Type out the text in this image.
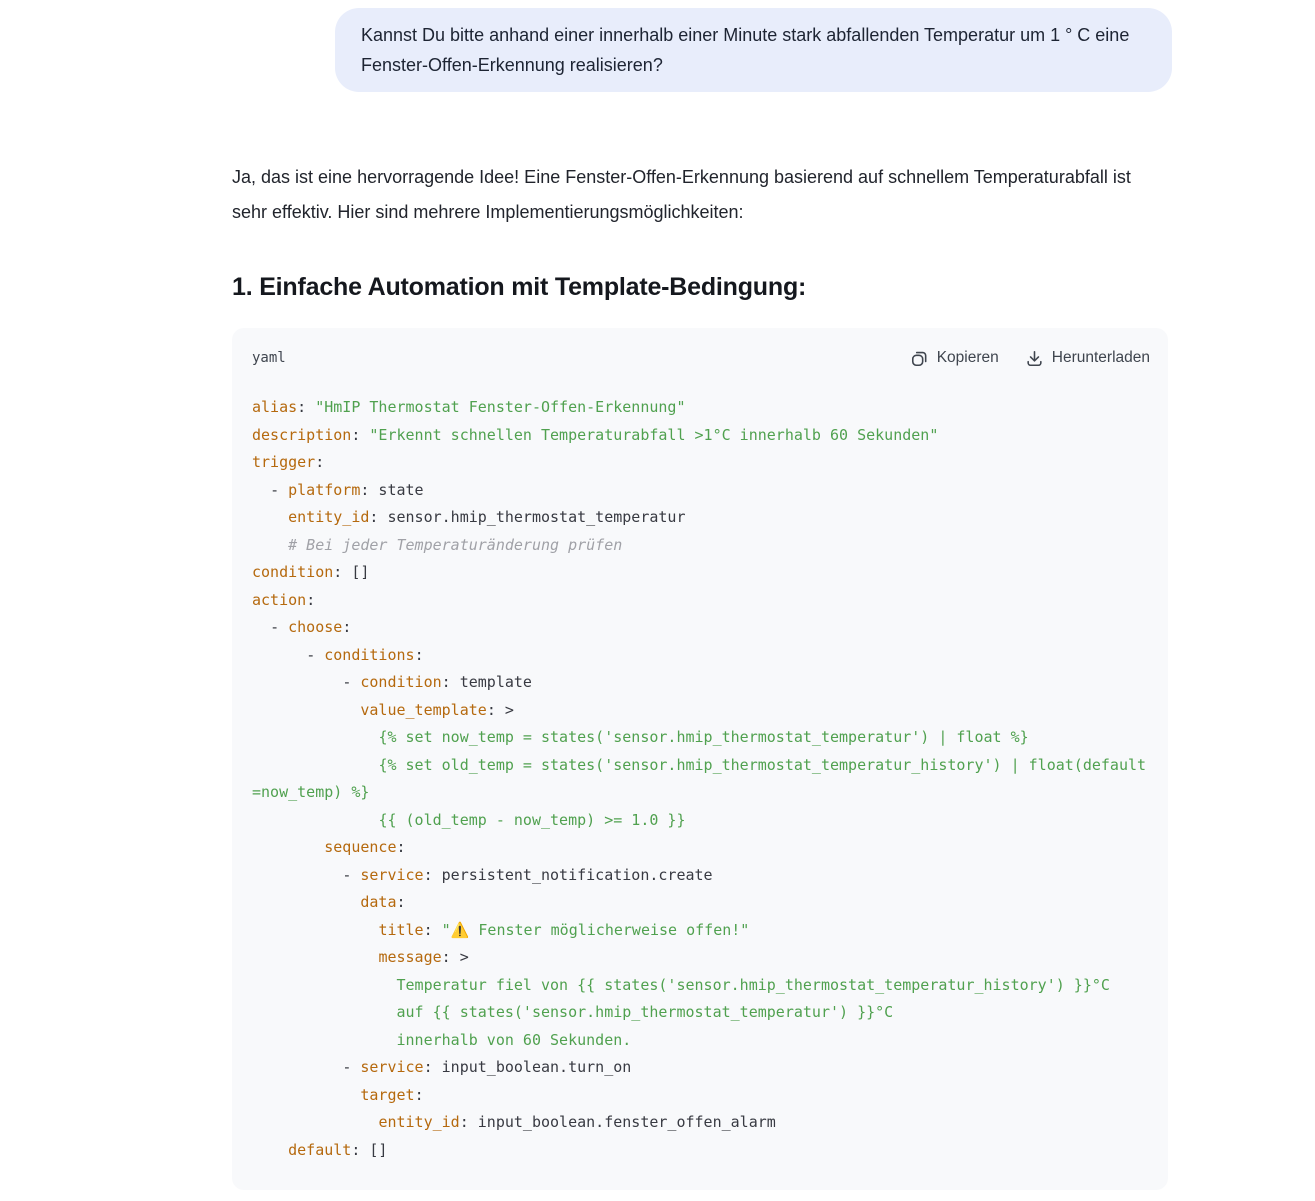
Kannst Du bitte anhand einer innerhalb einer Minute stark abfallenden Temperatur um 1 ° C eine Fenster-Offen-Erkennung realisieren?

Ja, das ist eine hervorragende Idee! Eine Fenster-Offen-Erkennung basierend auf schnellem Temperaturabfall ist sehr effektiv. Hier sind mehrere Implementierungsmöglichkeiten:

1. Einfache Automation mit Template-Bedingung:
yaml	Kopieren	Herunterladen
alias: "HmIP Thermostat Fenster-Offen-Erkennung"
description: "Erkennt schnellen Temperaturabfall >1°C innerhalb 60 Sekunden"
trigger:
- platform: state
entity_id: sensor.hmip_thermostat_temperatur
# Bei jeder Temperaturänderung prüfen
condition: []
action:
- choose:
- conditions:
- condition: template
value_template: >
{% set now_temp = states('sensor.hmip_thermostat_temperatur') | float %}
{% set old_temp = states('sensor.hmip_thermostat_temperatur_history') | float(default=now_temp) %}
{{ (old_temp - now_temp) >= 1.0 }}
sequence:
- service: persistent_notification.create
data:
title: "⚠️ Fenster möglicherweise offen!"
message: >
Temperatur fiel von {{ states('sensor.hmip_thermostat_temperatur_history') }}°C
auf {{ states('sensor.hmip_thermostat_temperatur') }}°C
innerhalb von 60 Sekunden.
- service: input_boolean.turn_on
target:
entity_id: input_boolean.fenster_offen_alarm
default: []
